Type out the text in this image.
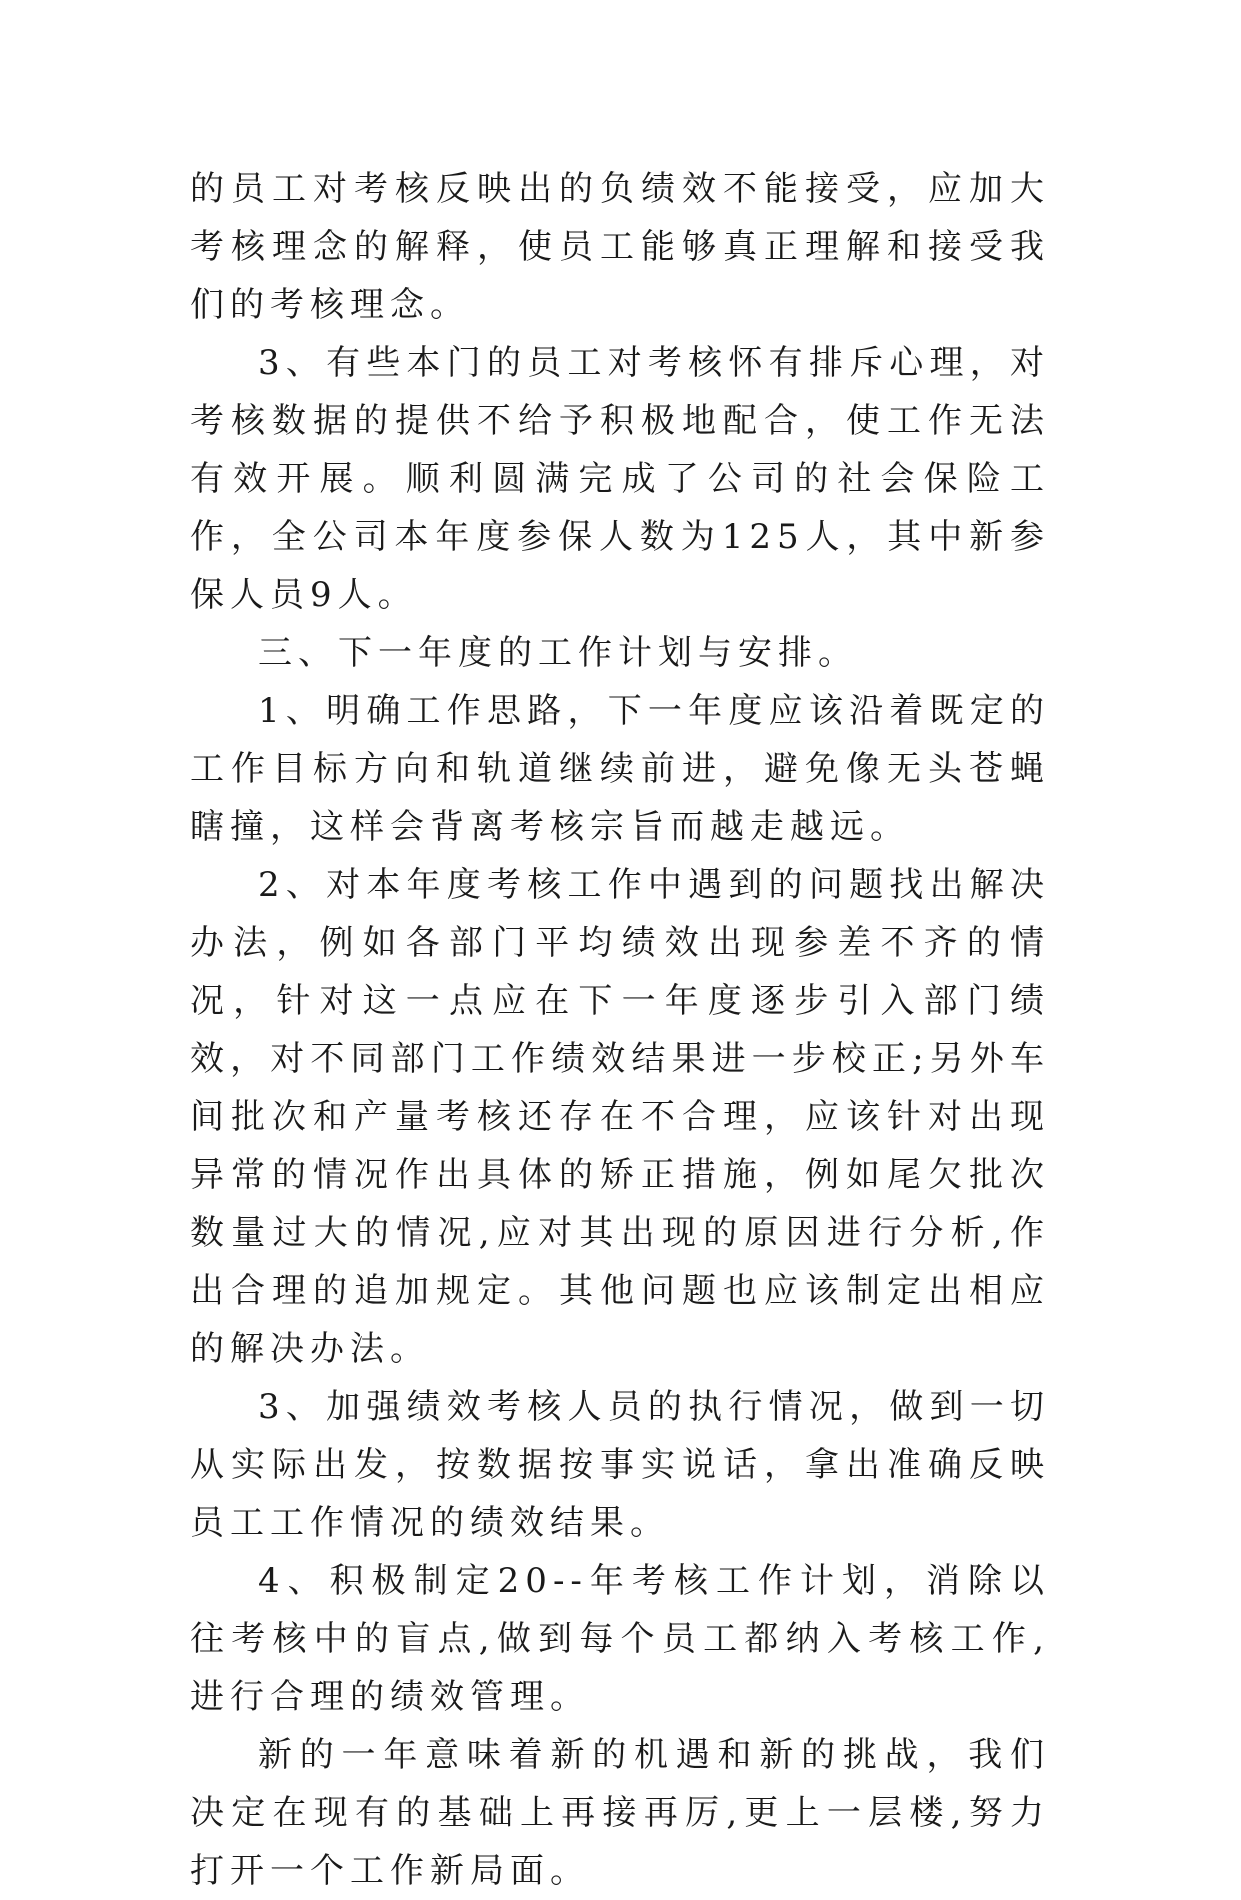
的员工对考核反映出的负绩效不能接受，应加大考核理念的解释，使员工能够真正理解和接受我们的考核理念。

3、有些本门的员工对考核怀有排斥心理，对考核数据的提供不给予积极地配合，使工作无法有效开展。顺利圆满完成了公司的社会保险工作，全公司本年度参保人数为125人，其中新参保人员9人。

三、下一年度的工作计划与安排。

1、明确工作思路，下一年度应该沿着既定的工作目标方向和轨道继续前进，避免像无头苍蝇瞎撞，这样会背离考核宗旨而越走越远。

2、对本年度考核工作中遇到的问题找出解决办法，例如各部门平均绩效出现参差不齐的情况，针对这一点应在下一年度逐步引入部门绩效，对不同部门工作绩效结果进一步校正;另外车间批次和产量考核还存在不合理，应该针对出现异常的情况作出具体的矫正措施，例如尾欠批次数量过大的情况,应对其出现的原因进行分析,作出合理的追加规定。其他问题也应该制定出相应的解决办法。

3、加强绩效考核人员的执行情况，做到一切从实际出发，按数据按事实说话，拿出准确反映员工工作情况的绩效结果。

4、积极制定20--年考核工作计划，消除以往考核中的盲点,做到每个员工都纳入考核工作,进行合理的绩效管理。

新的一年意味着新的机遇和新的挑战，我们决定在现有的基础上再接再厉,更上一层楼,努力打开一个工作新局面。
